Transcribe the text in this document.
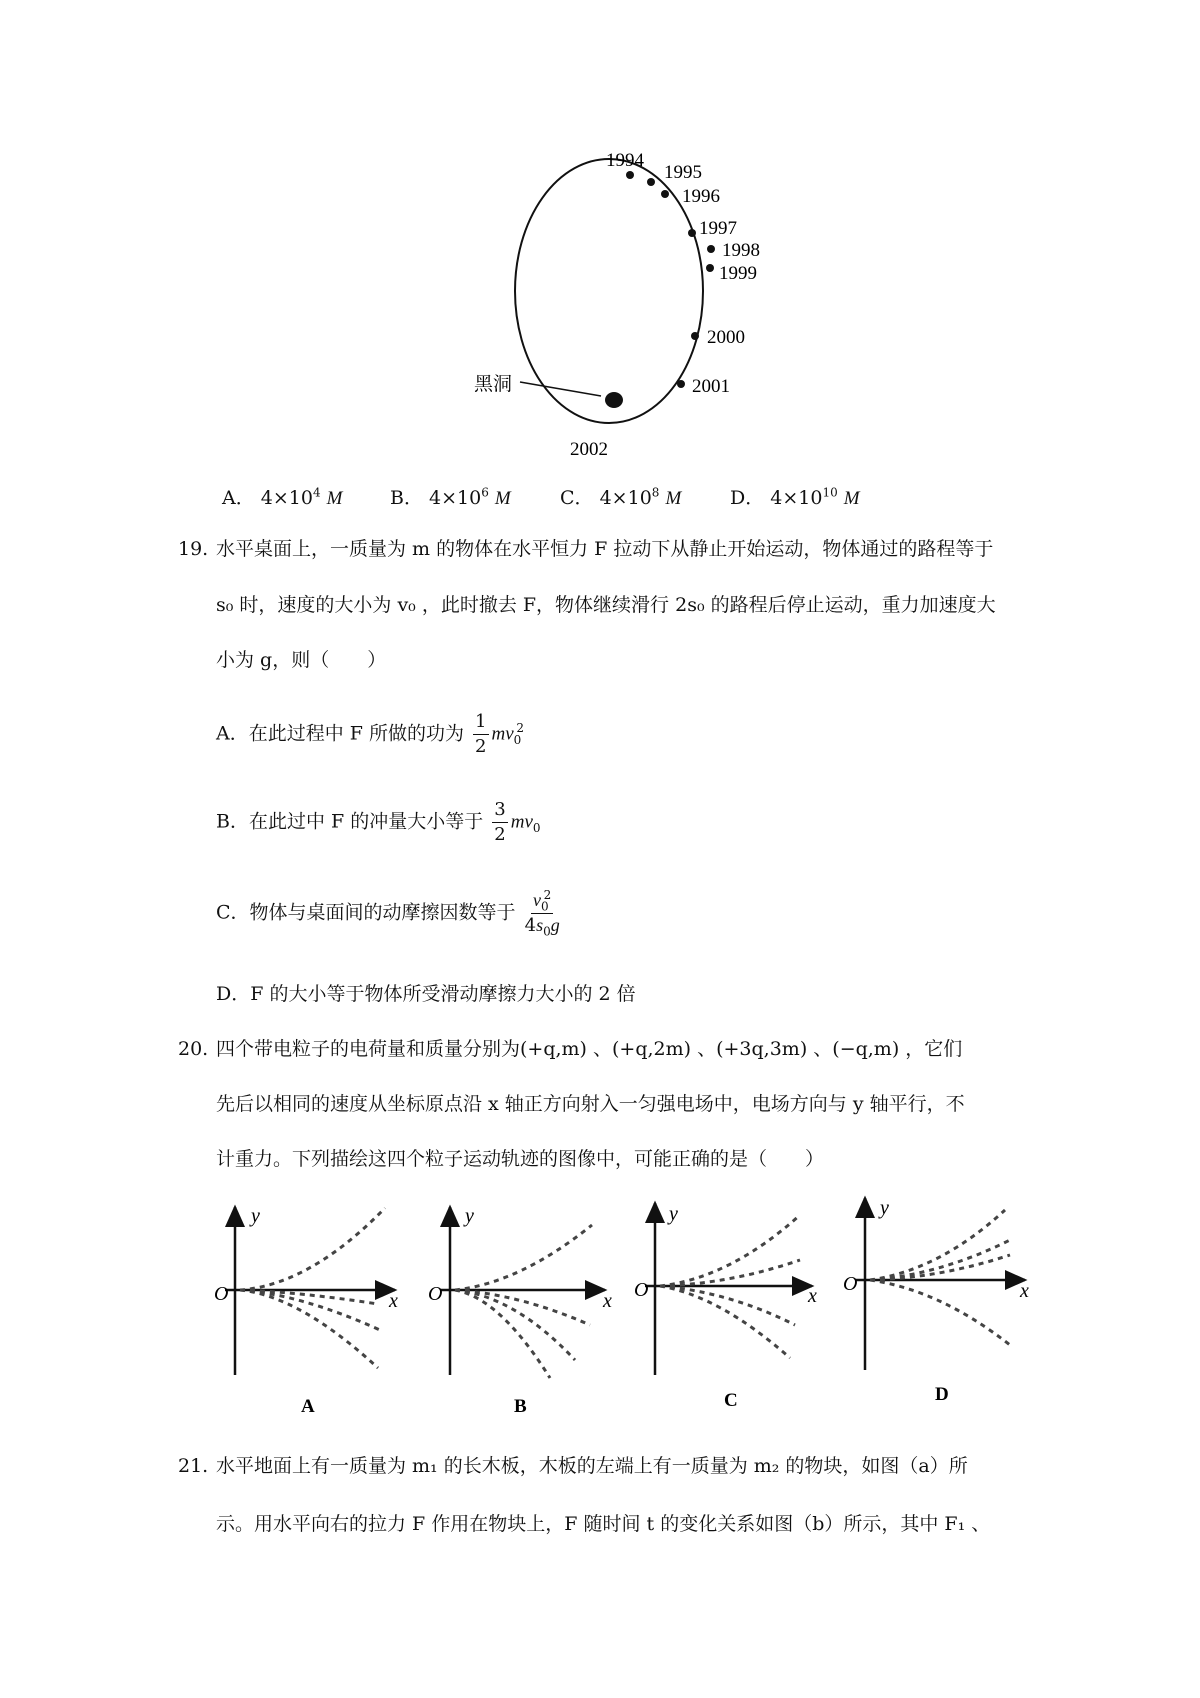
1994
1995
1996
1997
1998
1999
2000
2001
2002
黑洞
A． $4\times 10^4$ M	B． $4\times 10^6$ M	C． $4\times 10^8$ M	D． $4\times 10^{10}$ M
19. 水平桌面上，一质量为 m 的物体在水平恒力 F 拉动下从静止开始运动，物体通过的路程等于
s₀ 时，速度的大小为 v₀ ，此时撤去 F，物体继续滑行 2s₀ 的路程后停止运动，重力加速度大
小为 g，则（　　）
A．在此过程中 F 所做的功为 $\frac{1}{2} mv_0^2$
B．在此过中 F 的冲量大小等于 $\frac{3}{2} mv_0$
C．物体与桌面间的动摩擦因数等于 $\frac{v_0^2}{4s_0g}$
D．F 的大小等于物体所受滑动摩擦力大小的 2 倍
20. 四个带电粒子的电荷量和质量分别为(+q,m) 、(+q,2m) 、(+3q,3m) 、(−q,m) ，它们
先后以相同的速度从坐标原点沿 x 轴正方向射入一匀强电场中，电场方向与 y 轴平行，不
计重力。下列描绘这四个粒子运动轨迹的图像中，可能正确的是（　　）
y
x
O
A
y
x
O
B
y
x
O
C
y
x
O
D
21. 水平地面上有一质量为 m₁ 的长木板，木板的左端上有一质量为 m₂ 的物块，如图（a）所
示。用水平向右的拉力 F 作用在物块上，F 随时间 t 的变化关系如图（b）所示，其中 F₁ 、
